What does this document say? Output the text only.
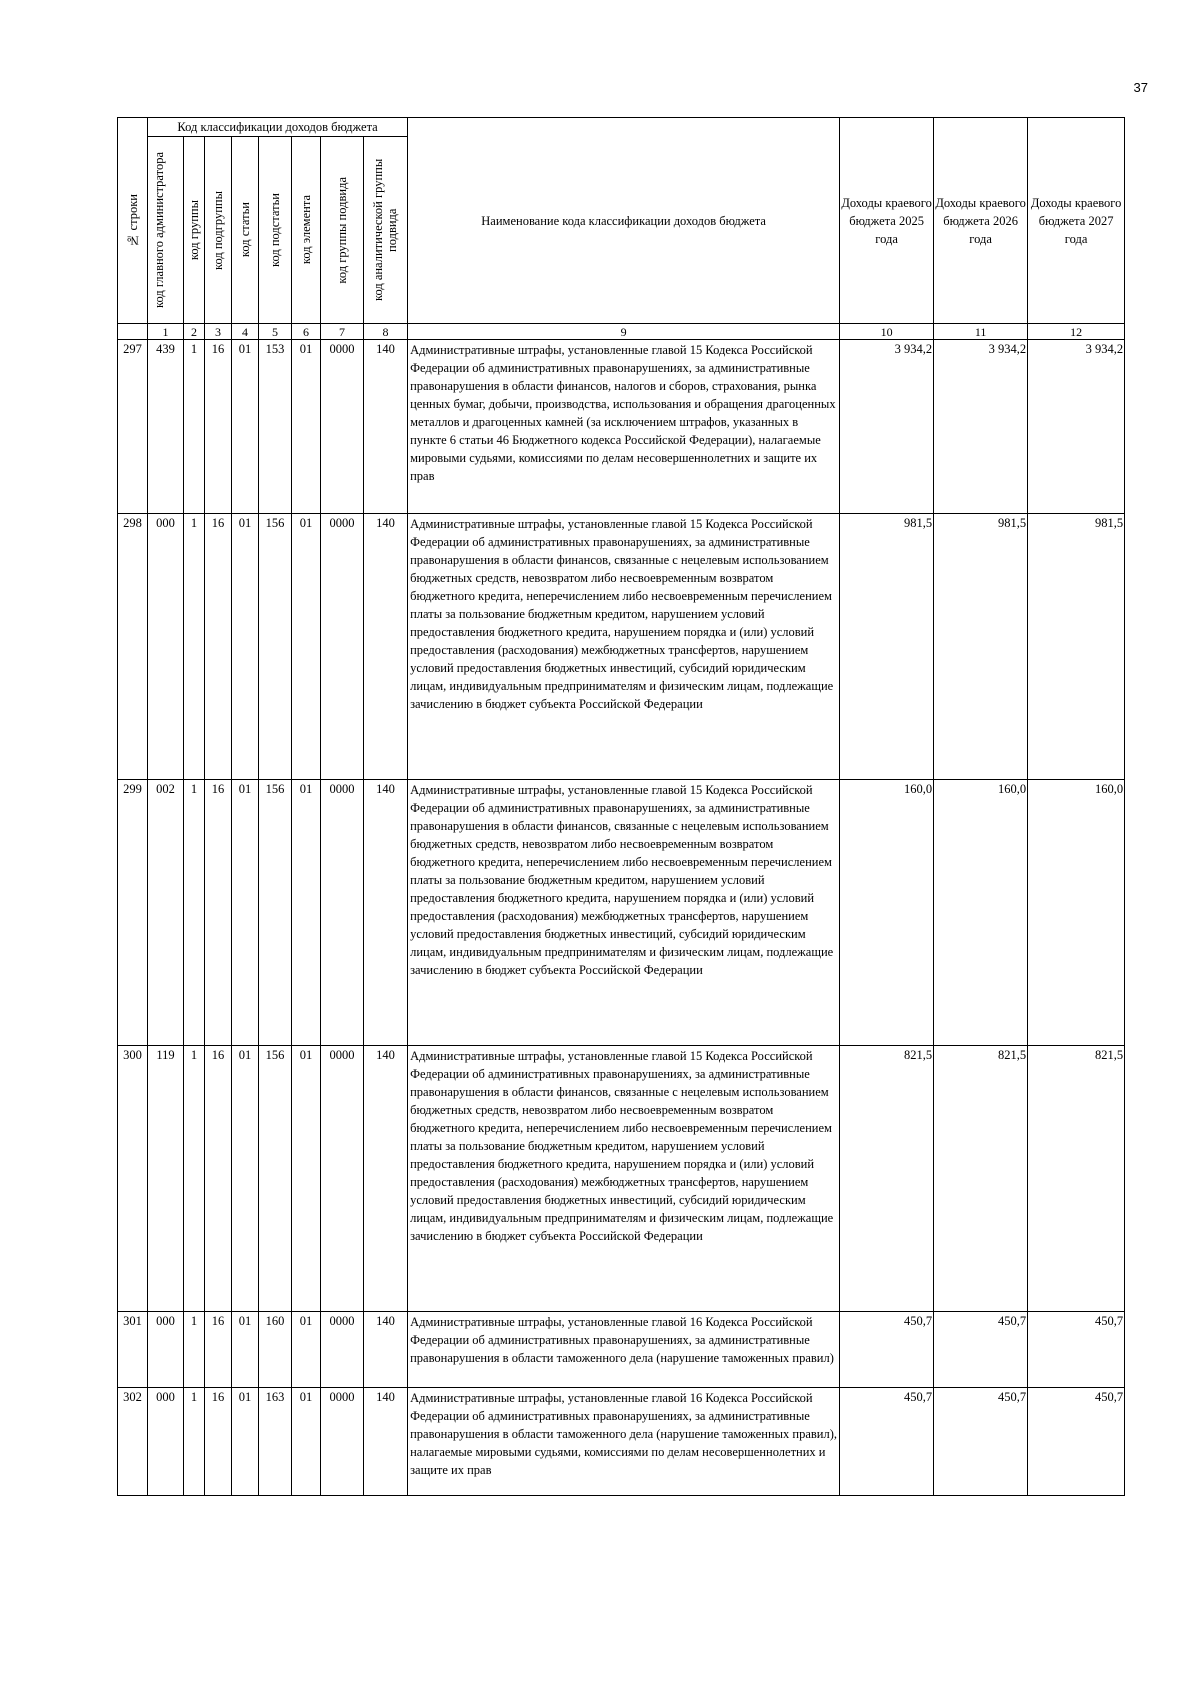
37
№ строки	Код классификации доходов бюджета								Наименование кода классификации доходов бюджета	Доходы краевого бюджета 2025 года	Доходы краевого бюджета 2026 года	Доходы краевого бюджета 2027 года

	код главного администратора	код группы	код подгруппы	код статьи	код подстатьи	код элемента	код группы подвида	код аналитической группы подвида				

	1	2	3	4	5	6	7	8	9	10	11	12
297	439	1	16	01	153	01	0000	140	Административные штрафы, установленные главой 15 Кодекса Российской Федерации об административных правонарушениях, за административные правонарушения в области финансов, налогов и сборов, страхования, рынка ценных бумаг, добычи, производства, использования и обращения драгоценных металлов и драгоценных камней (за исключением штрафов, указанных в пункте 6 статьи 46 Бюджетного кодекса Российской Федерации), налагаемые мировыми судьями, комиссиями по делам несовершеннолетних и защите их прав	3 934,2	3 934,2	3 934,2
298	000	1	16	01	156	01	0000	140	Административные штрафы, установленные главой 15 Кодекса Российской Федерации об административных правонарушениях, за административные правонарушения в области финансов, связанные с нецелевым использованием бюджетных средств, невозвратом либо несвоевременным возвратом бюджетного кредита, неперечислением либо несвоевременным перечислением платы за пользование бюджетным кредитом, нарушением условий предоставления бюджетного кредита, нарушением порядка и (или) условий предоставления (расходования) межбюджетных трансфертов, нарушением условий предоставления бюджетных инвестиций, субсидий юридическим лицам, индивидуальным предпринимателям и физическим лицам, подлежащие зачислению в бюджет субъекта Российской Федерации	981,5	981,5	981,5
299	002	1	16	01	156	01	0000	140	Административные штрафы, установленные главой 15 Кодекса Российской Федерации об административных правонарушениях, за административные правонарушения в области финансов, связанные с нецелевым использованием бюджетных средств, невозвратом либо несвоевременным возвратом бюджетного кредита, неперечислением либо несвоевременным перечислением платы за пользование бюджетным кредитом, нарушением условий предоставления бюджетного кредита, нарушением порядка и (или) условий предоставления (расходования) межбюджетных трансфертов, нарушением условий предоставления бюджетных инвестиций, субсидий юридическим лицам, индивидуальным предпринимателям и физическим лицам, подлежащие зачислению в бюджет субъекта Российской Федерации	160,0	160,0	160,0
300	119	1	16	01	156	01	0000	140	Административные штрафы, установленные главой 15 Кодекса Российской Федерации об административных правонарушениях, за административные правонарушения в области финансов, связанные с нецелевым использованием бюджетных средств, невозвратом либо несвоевременным возвратом бюджетного кредита, неперечислением либо несвоевременным перечислением платы за пользование бюджетным кредитом, нарушением условий предоставления бюджетного кредита, нарушением порядка и (или) условий предоставления (расходования) межбюджетных трансфертов, нарушением условий предоставления бюджетных инвестиций, субсидий юридическим лицам, индивидуальным предпринимателям и физическим лицам, подлежащие зачислению в бюджет субъекта Российской Федерации	821,5	821,5	821,5
301	000	1	16	01	160	01	0000	140	Административные штрафы, установленные главой 16 Кодекса Российской Федерации об административных правонарушениях, за административные правонарушения в области таможенного дела (нарушение таможенных правил)	450,7	450,7	450,7
302	000	1	16	01	163	01	0000	140	Административные штрафы, установленные главой 16 Кодекса Российской Федерации об административных правонарушениях, за административные правонарушения в области таможенного дела (нарушение таможенных правил), налагаемые мировыми судьями, комиссиями по делам несовершеннолетних и защите их прав	450,7	450,7	450,7
